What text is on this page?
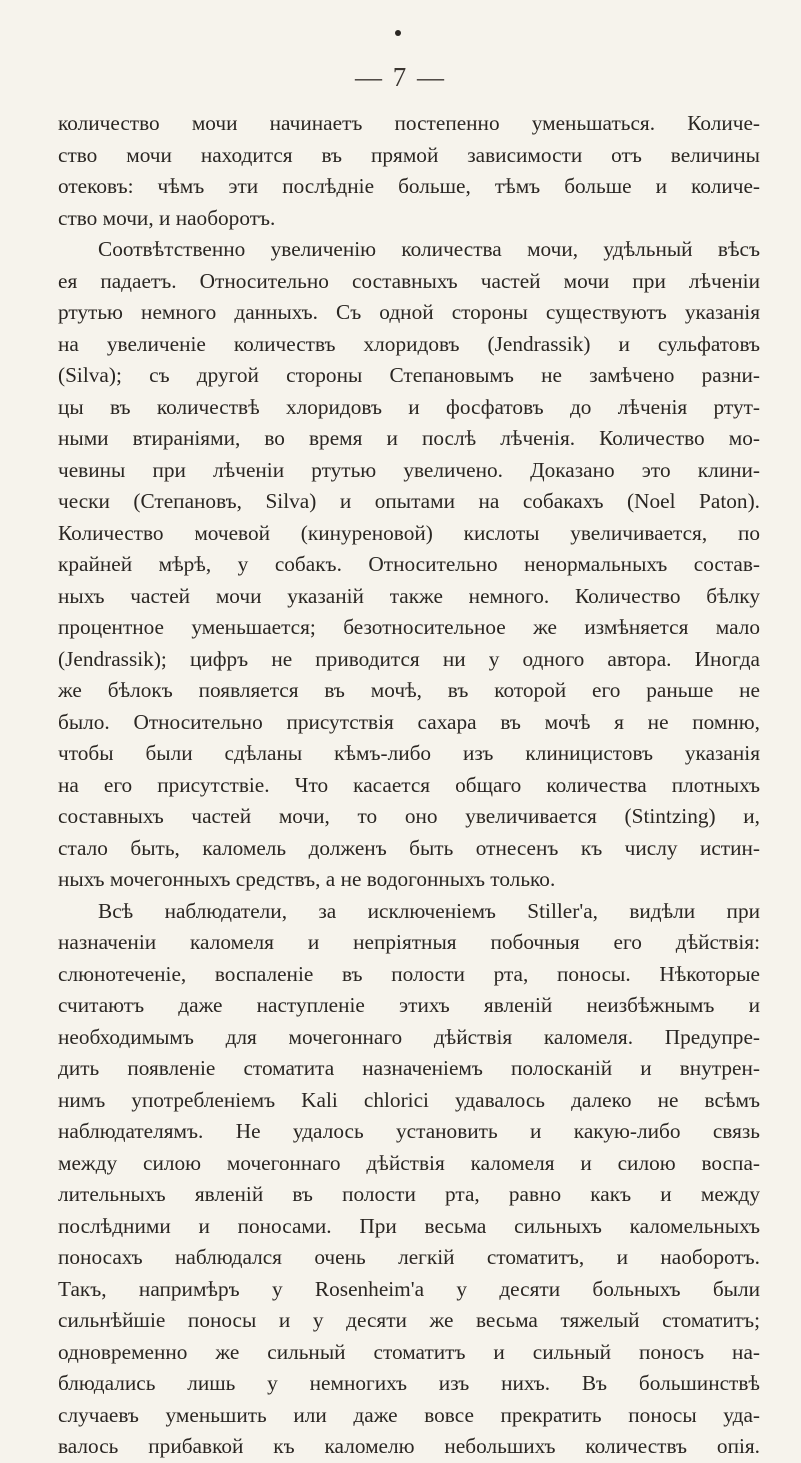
— 7 —
количество мочи начинаетъ постепенно уменьшаться. Количе-
ство мочи находится въ прямой зависимости отъ величины
отековъ: чѣмъ эти послѣдніе больше, тѣмъ больше и количе-
ство мочи, и наоборотъ.
Соотвѣтственно увеличенію количества мочи, удѣльный вѣсъ
ея падаетъ. Относительно составныхъ частей мочи при лѣченіи
ртутью немного данныхъ. Съ одной стороны существуютъ указанія
на увеличеніе количествъ хлоридовъ (Jendrassik) и сульфатовъ
(Silva); съ другой стороны Степановымъ не замѣчено разни-
цы въ количествѣ хлоридовъ и фосфатовъ до лѣченія ртут-
ными втираніями, во время и послѣ лѣченія. Количество мо-
чевины при лѣченіи ртутью увеличено. Доказано это клини-
чески (Степановъ, Silva) и опытами на собакахъ (Noel Paton).
Количество мочевой (кинуреновой) кислоты увеличивается, по
крайней мѣрѣ, у собакъ. Относительно ненормальныхъ состав-
ныхъ частей мочи указаній также немного. Количество бѣлку
процентное уменьшается; безотносительное же измѣняется мало
(Jendrassik); цифръ не приводится ни у одного автора. Иногда
же бѣлокъ появляется въ мочѣ, въ которой его раньше не
было. Относительно присутствія сахара въ мочѣ я не помню,
чтобы были сдѣланы кѣмъ-либо изъ клиницистовъ указанія
на его присутствіе. Что касается общаго количества плотныхъ
составныхъ частей мочи, то оно увеличивается (Stintzing) и,
стало быть, каломель долженъ быть отнесенъ къ числу истин-
ныхъ мочегонныхъ средствъ, а не водогонныхъ только.
Всѣ наблюдатели, за исключеніемъ Stiller'а, видѣли при
назначеніи каломеля и непріятныя побочныя его дѣйствія:
слюнотеченіе, воспаленіе въ полости рта, поносы. Нѣкоторые
считаютъ даже наступленіе этихъ явленій неизбѣжнымъ и
необходимымъ для мочегоннаго дѣйствія каломеля. Предупре-
дить появленіе стоматита назначеніемъ полосканій и внутрен-
нимъ употребленіемъ Kali chlorici удавалось далеко не всѣмъ
наблюдателямъ. Не удалось установить и какую-либо связь
между силою мочегоннаго дѣйствія каломеля и силою воспа-
лительныхъ явленій въ полости рта, равно какъ и между
послѣдними и поносами. При весьма сильныхъ каломельныхъ
поносахъ наблюдался очень легкій стоматитъ, и наоборотъ.
Такъ, напримѣръ у Rosenheim'а у десяти больныхъ были
сильнѣйшіе поносы и у десяти же весьма тяжелый стоматитъ;
одновременно же сильный стоматитъ и сильный поносъ на-
блюдались лишь у немногихъ изъ нихъ. Въ большинствѣ
случаевъ уменьшить или даже вовсе прекратить поносы уда-
валось прибавкой къ каломелю небольшихъ количествъ опія.
